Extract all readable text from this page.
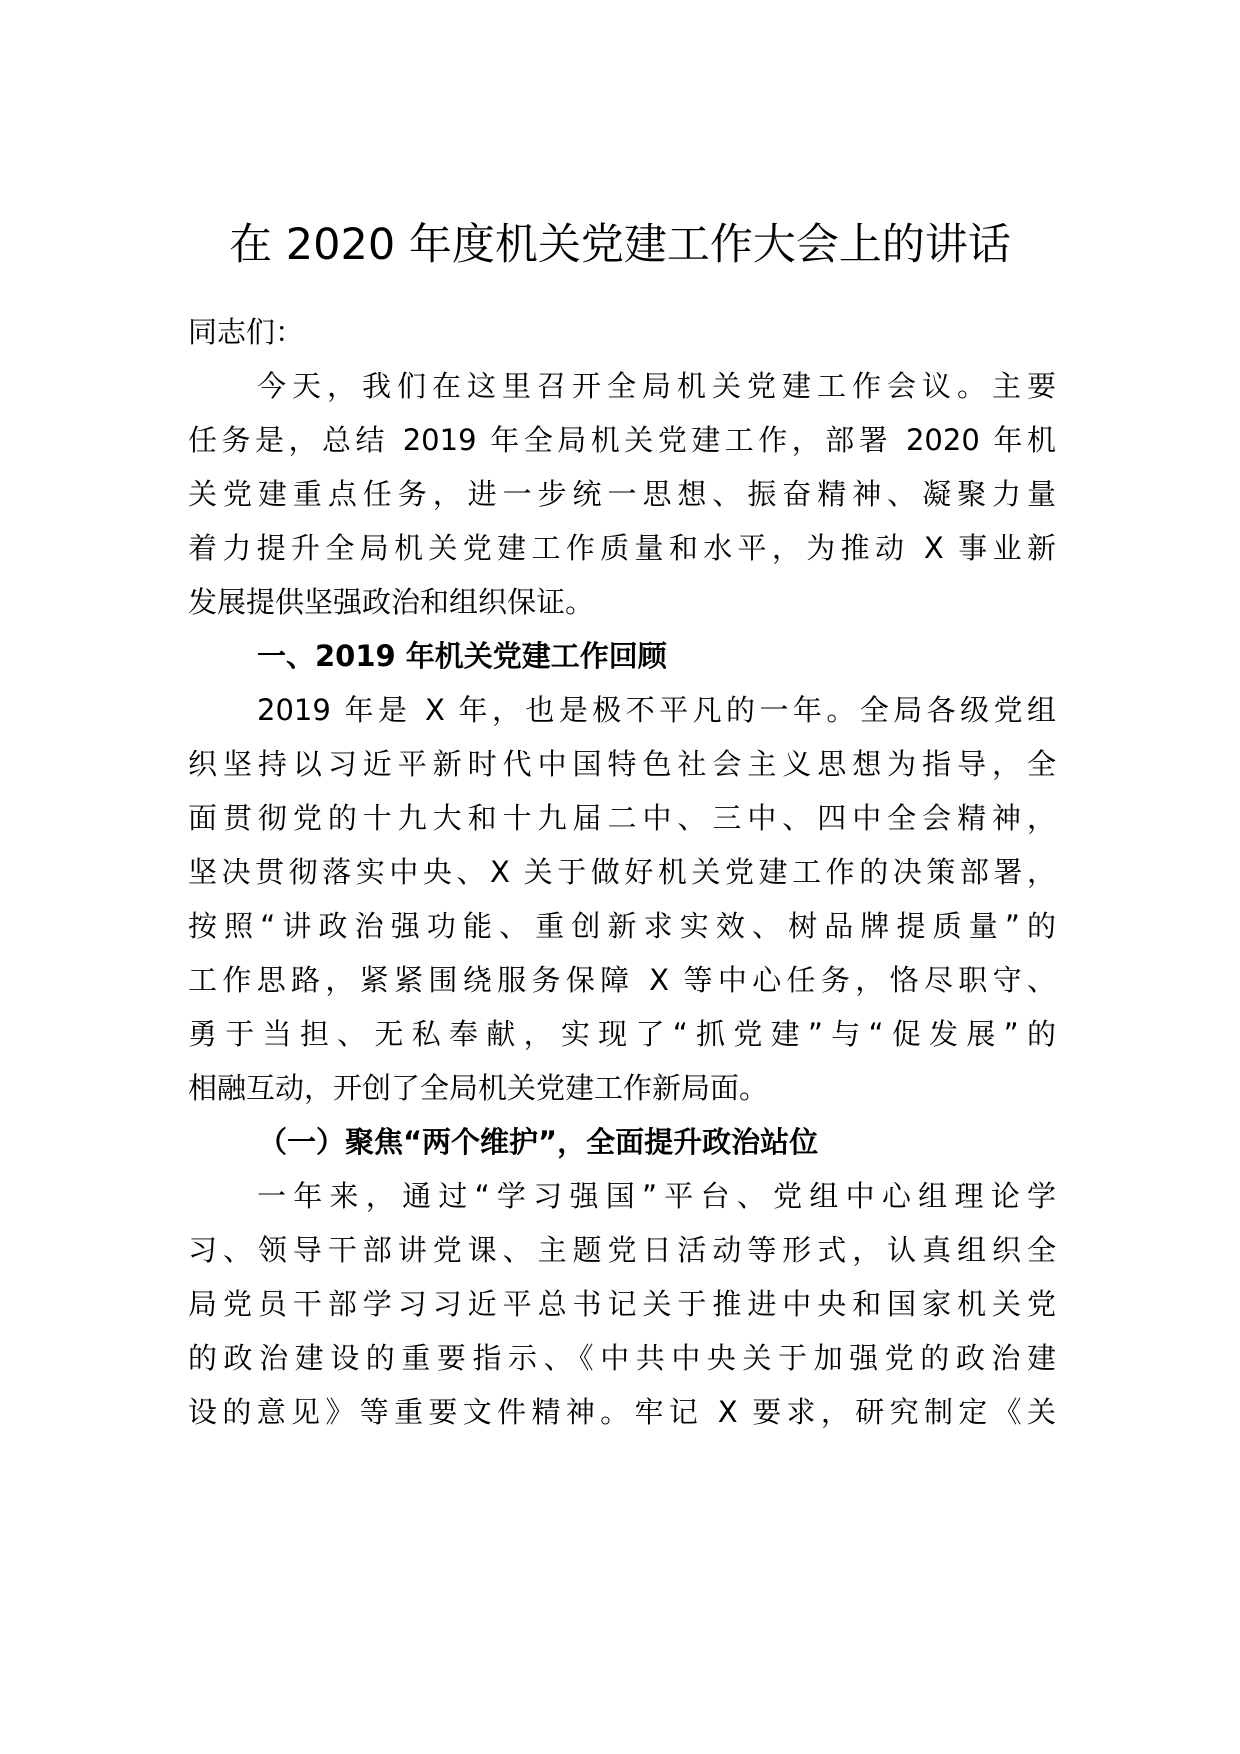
在 2020 年度机关党建工作大会上的讲话
同志们：
今天，我们在这里召开全局机关党建工作会议。主要
任务是，总结 2019 年全局机关党建工作，部署 2020 年机
关党建重点任务，进一步统一思想、振奋精神、凝聚力量
着力提升全局机关党建工作质量和水平，为推动 X 事业新
发展提供坚强政治和组织保证。
一、2019 年机关党建工作回顾
2019 年是 X 年，也是极不平凡的一年。全局各级党组
织坚持以习近平新时代中国特色社会主义思想为指导，全
面贯彻党的十九大和十九届二中、三中、四中全会精神，
坚决贯彻落实中央、X 关于做好机关党建工作的决策部署，
按照“讲政治强功能、重创新求实效、树品牌提质量”的
工作思路，紧紧围绕服务保障 X 等中心任务，恪尽职守、
勇于当担、无私奉献，实现了“抓党建”与“促发展”的
相融互动，开创了全局机关党建工作新局面。
（一）聚焦“两个维护”，全面提升政治站位
一年来，通过“学习强国”平台、党组中心组理论学
习、领导干部讲党课、主题党日活动等形式，认真组织全
局党员干部学习习近平总书记关于推进中央和国家机关党
的政治建设的重要指示、《中共中央关于加强党的政治建
设的意见》等重要文件精神。牢记 X 要求，研究制定《关
